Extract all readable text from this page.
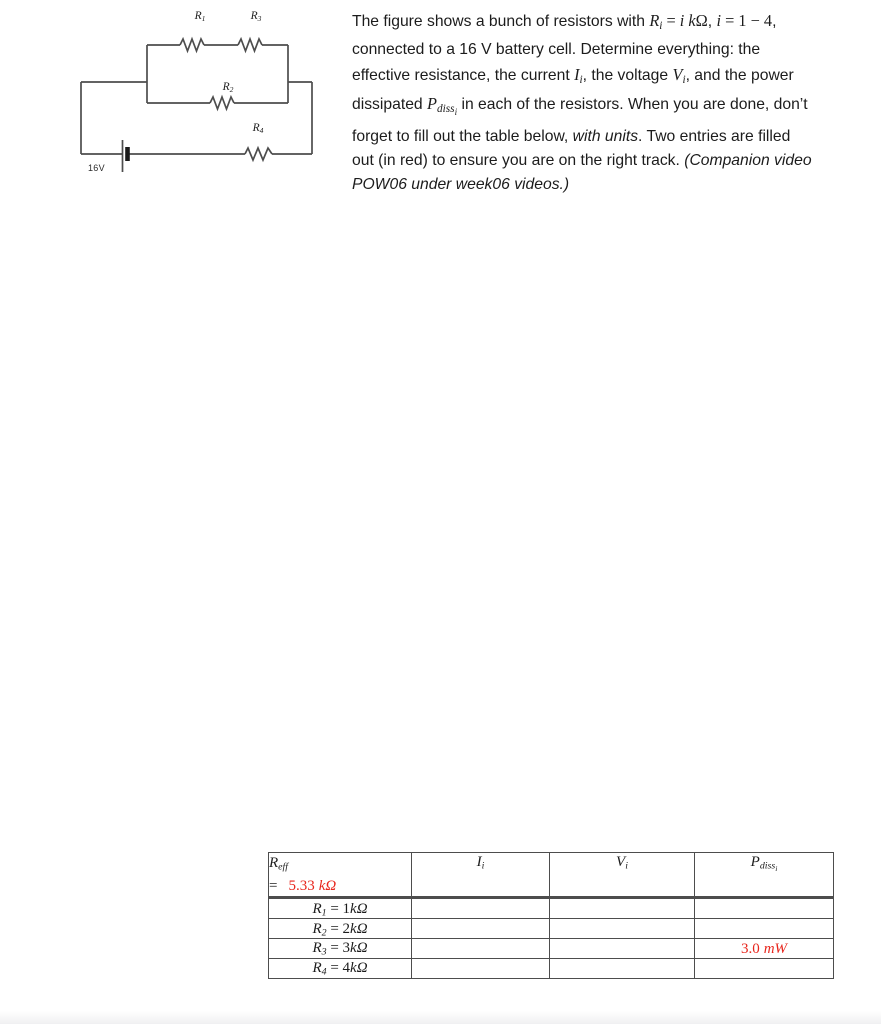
R1	R3
R2
R4
16V
The figure shows a bunch of resistors with Ri = i kΩ, i = 1 − 4,
connected to a 16 V battery cell. Determine everything: the
effective resistance, the current Ii, the voltage Vi, and the power
dissipated Pdiss$_i$ in each of the resistors. When you are done, don’t
forget to fill out the table below, with units. Two entries are filled
out (in red) to ensure you are on the right track. (Companion video
POW06 under week06 videos.)
Reff
= 5.33 kΩ	Ii	Vi	Pdiss$_i$
R1 = 1kΩ			
R2 = 2kΩ			
R3 = 3kΩ			3.0 mW
R4 = 4kΩ			
